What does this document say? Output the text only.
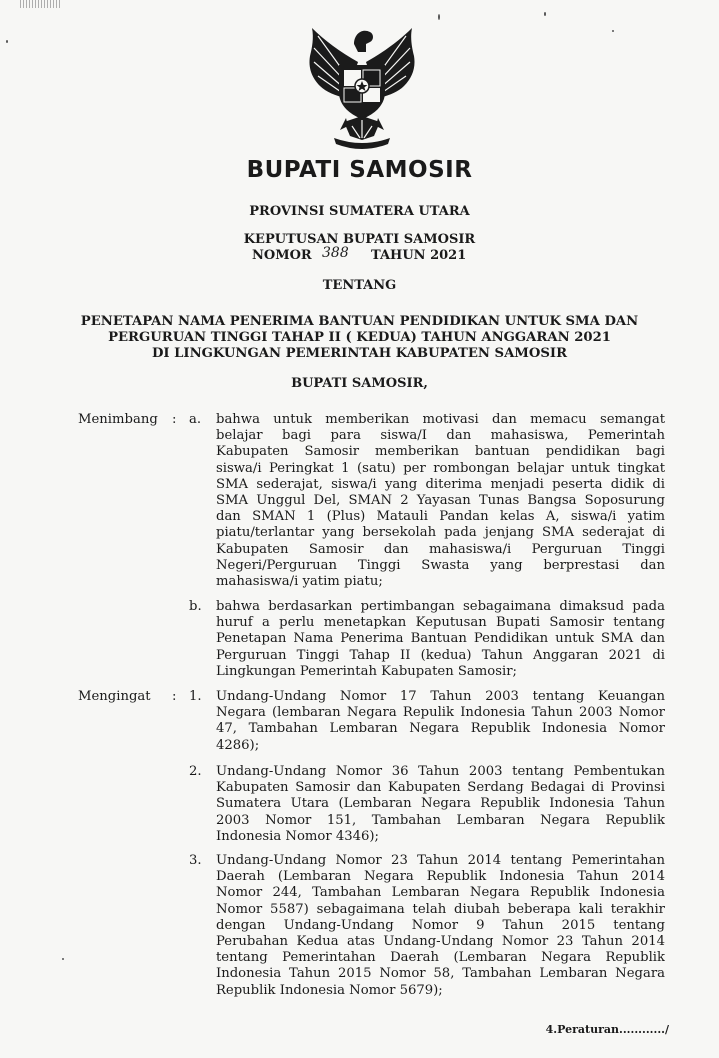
BUPATI SAMOSIR
PROVINSI SUMATERA UTARA
KEPUTUSAN BUPATI SAMOSIR
NOMOR 388 TAHUN 2021
TENTANG
PENETAPAN NAMA PENERIMA BANTUAN PENDIDIKAN UNTUK SMA DAN
PERGURUAN TINGGI TAHAP II ( KEDUA) TAHUN ANGGARAN 2021
DI LINGKUNGAN PEMERINTAH KABUPATEN SAMOSIR
BUPATI SAMOSIR,
Menimbang : a. bahwa untuk memberikan motivasi dan memacu semangat
belajar bagi para siswa/I dan mahasiswa, Pemerintah
Kabupaten Samosir memberikan bantuan pendidikan bagi
siswa/i Peringkat 1 (satu) per rombongan belajar untuk tingkat
SMA sederajat, siswa/i yang diterima menjadi peserta didik di
SMA Unggul Del, SMAN 2 Yayasan Tunas Bangsa Soposurung
dan SMAN 1 (Plus) Matauli Pandan kelas A, siswa/i yatim
piatu/terlantar yang bersekolah pada jenjang SMA sederajat di
Kabupaten Samosir dan mahasiswa/i Perguruan Tinggi
Negeri/Perguruan Tinggi Swasta yang berprestasi dan
mahasiswa/i yatim piatu;
b. bahwa berdasarkan pertimbangan sebagaimana dimaksud pada
huruf a perlu menetapkan Keputusan Bupati Samosir tentang
Penetapan Nama Penerima Bantuan Pendidikan untuk SMA dan
Perguruan Tinggi Tahap II (kedua) Tahun Anggaran 2021 di
Lingkungan Pemerintah Kabupaten Samosir;
Mengingat : 1. Undang-Undang Nomor 17 Tahun 2003 tentang Keuangan
Negara (lembaran Negara Repulik Indonesia Tahun 2003 Nomor
47, Tambahan Lembaran Negara Republik Indonesia Nomor
4286);
2. Undang-Undang Nomor 36 Tahun 2003 tentang Pembentukan
Kabupaten Samosir dan Kabupaten Serdang Bedagai di Provinsi
Sumatera Utara (Lembaran Negara Republik Indonesia Tahun
2003 Nomor 151, Tambahan Lembaran Negara Republik
Indonesia Nomor 4346);
3. Undang-Undang Nomor 23 Tahun 2014 tentang Pemerintahan
Daerah (Lembaran Negara Republik Indonesia Tahun 2014
Nomor 244, Tambahan Lembaran Negara Republik Indonesia
Nomor 5587) sebagaimana telah diubah beberapa kali terakhir
dengan Undang-Undang Nomor 9 Tahun 2015 tentang
Perubahan Kedua atas Undang-Undang Nomor 23 Tahun 2014
tentang Pemerintahan Daerah (Lembaran Negara Republik
Indonesia Tahun 2015 Nomor 58, Tambahan Lembaran Negara
Republik Indonesia Nomor 5679);
4.Peraturan............/
